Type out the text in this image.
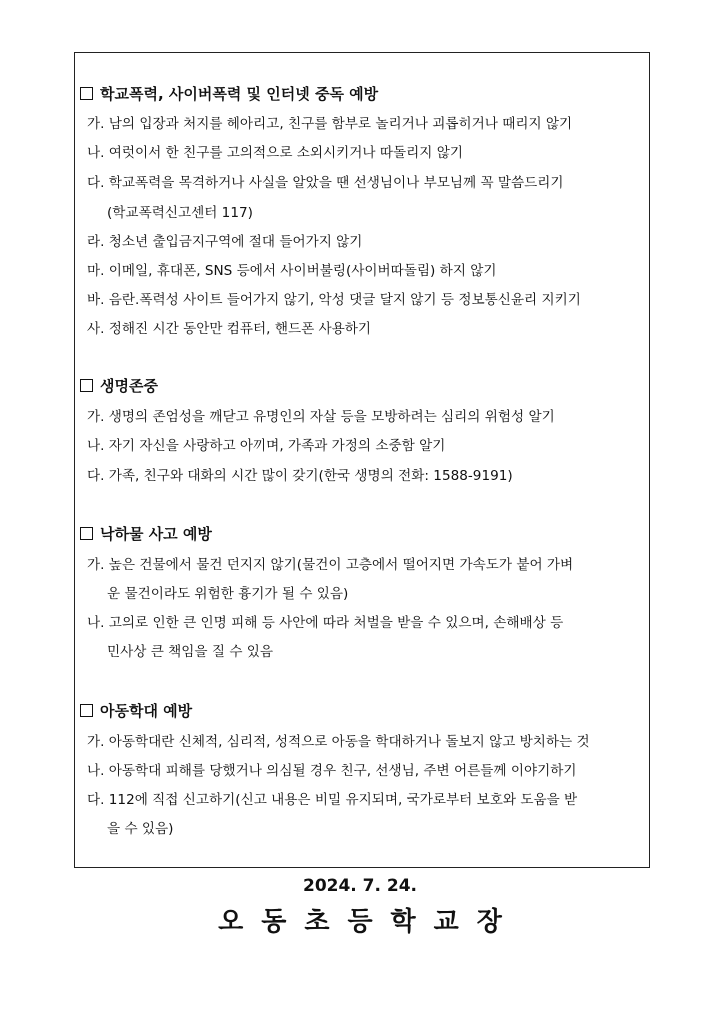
학교폭력, 사이버폭력 및 인터넷 중독 예방
가. 남의 입장과 처지를 헤아리고, 친구를 함부로 놀리거나 괴롭히거나 때리지 않기
나. 여럿이서 한 친구를 고의적으로 소외시키거나 따돌리지 않기
다. 학교폭력을 목격하거나 사실을 알았을 땐 선생님이나 부모님께 꼭 말씀드리기
(학교폭력신고센터 117)
라. 청소년 출입금지구역에 절대 들어가지 않기
마. 이메일, 휴대폰, SNS 등에서 사이버불링(사이버따돌림) 하지 않기
바. 음란.폭력성 사이트 들어가지 않기, 악성 댓글 달지 않기 등 정보통신윤리 지키기
사. 정해진 시간 동안만 컴퓨터, 핸드폰 사용하기
생명존중
가. 생명의 존엄성을 깨닫고 유명인의 자살 등을 모방하려는 심리의 위험성 알기
나. 자기 자신을 사랑하고 아끼며, 가족과 가정의 소중함 알기
다. 가족, 친구와 대화의 시간 많이 갖기(한국 생명의 전화: 1588-9191)
낙하물 사고 예방
가. 높은 건물에서 물건 던지지 않기(물건이 고층에서 떨어지면 가속도가 붙어 가벼
운 물건이라도 위험한 흉기가 될 수 있음)
나. 고의로 인한 큰 인명 피해 등 사안에 따라 처벌을 받을 수 있으며, 손해배상 등
민사상 큰 책임을 질 수 있음
아동학대 예방
가. 아동학대란 신체적, 심리적, 성적으로 아동을 학대하거나 돌보지 않고 방치하는 것
나. 아동학대 피해를 당했거나 의심될 경우 친구, 선생님, 주변 어른들께 이야기하기
다. 112에 직접 신고하기(신고 내용은 비밀 유지되며, 국가로부터 보호와 도움을 받
을 수 있음)
2024. 7. 24.
오동초등학교장
